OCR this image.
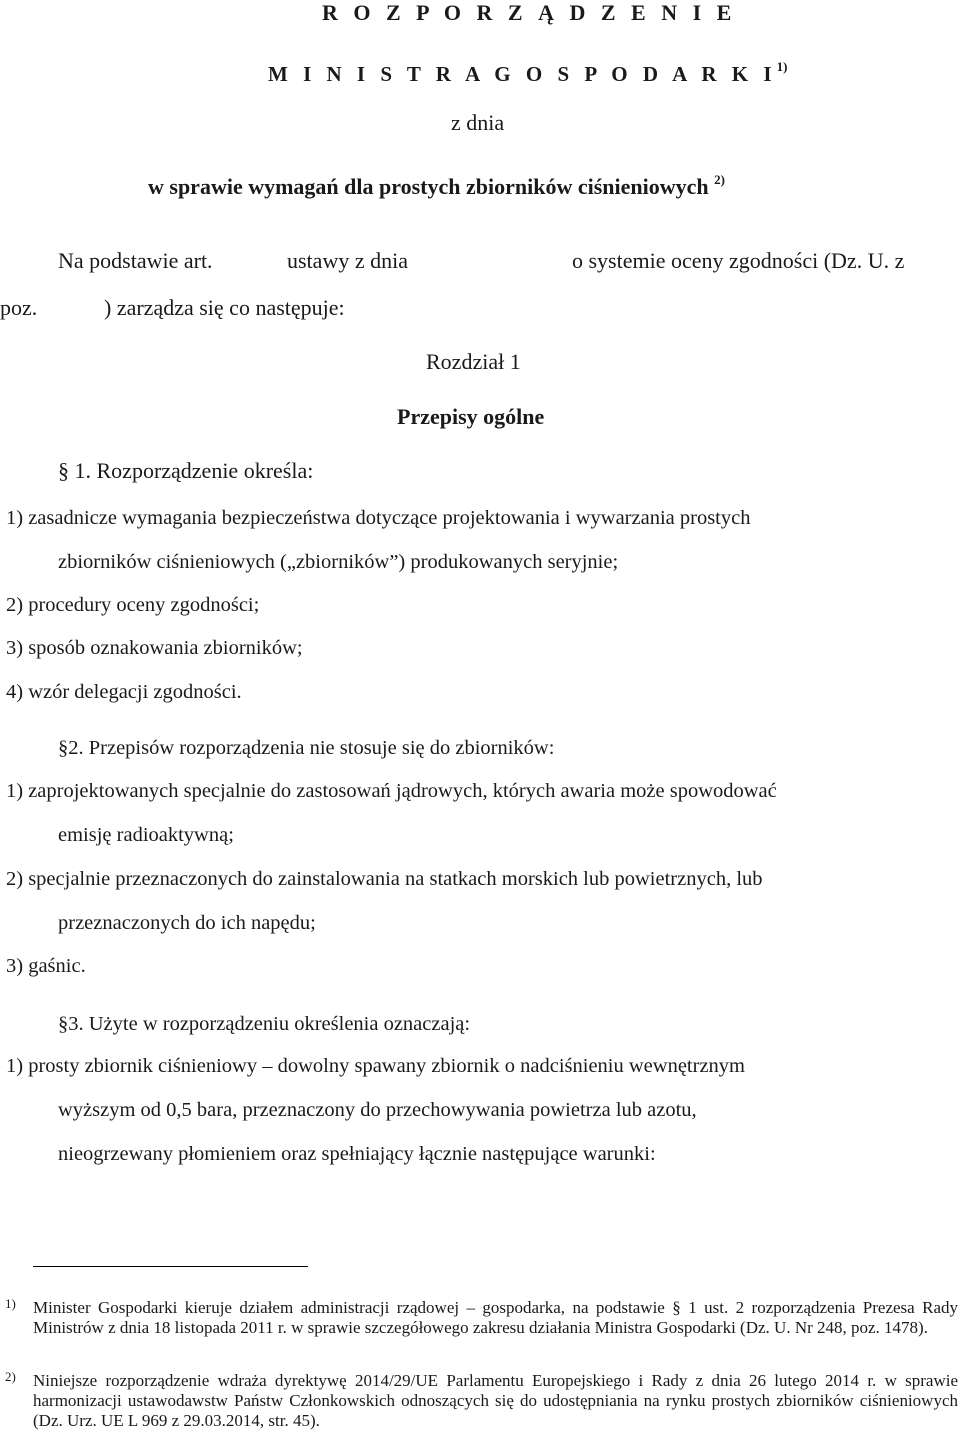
R O Z P O R Z Ą D Z E N I E
M I N I S T R A G O S P O D A R K $I^{1)}$
z dnia
w sprawie wymagań dla prostych zbiorników ciśnieniowych $^{2)}$
Na podstawie art.	ustawy z dnia	o systemie oceny zgodności (Dz. U. z
poz.	) zarządza się co następuje:
Rozdział 1
Przepisy ogólne
§ 1. Rozporządzenie określa:
1) zasadnicze wymagania bezpieczeństwa dotyczące projektowania i wywarzania prostych
zbiorników ciśnieniowych („zbiorników”) produkowanych seryjnie;
2) procedury oceny zgodności;
3) sposób oznakowania zbiorników;
4) wzór delegacji zgodności.
§2. Przepisów rozporządzenia nie stosuje się do zbiorników:
1) zaprojektowanych specjalnie do zastosowań jądrowych, których awaria może spowodować
emisję radioaktywną;
2) specjalnie przeznaczonych do zainstalowania na statkach morskich lub powietrznych, lub
przeznaczonych do ich napędu;
3) gaśnic.
§3. Użyte w rozporządzeniu określenia oznaczają:
1) prosty zbiornik ciśnieniowy – dowolny spawany zbiornik o nadciśnieniu wewnętrznym
wyższym od 0,5 bara, przeznaczony do przechowywania powietrza lub azotu,
nieogrzewany płomieniem oraz spełniający łącznie następujące warunki:
1) Minister Gospodarki kieruje działem administracji rządowej – gospodarka, na podstawie § 1 ust. 2 rozporządzenia Prezesa Rady Ministrów z dnia 18 listopada 2011 r. w sprawie szczegółowego zakresu działania Ministra Gospodarki (Dz. U. Nr 248, poz. 1478).
2) Niniejsze rozporządzenie wdraża dyrektywę 2014/29/UE Parlamentu Europejskiego i Rady z dnia 26 lutego 2014 r. w sprawie harmonizacji ustawodawstw Państw Członkowskich odnoszących się do udostępniania na rynku prostych zbiorników ciśnieniowych (Dz. Urz. UE L 969 z 29.03.2014, str. 45).
